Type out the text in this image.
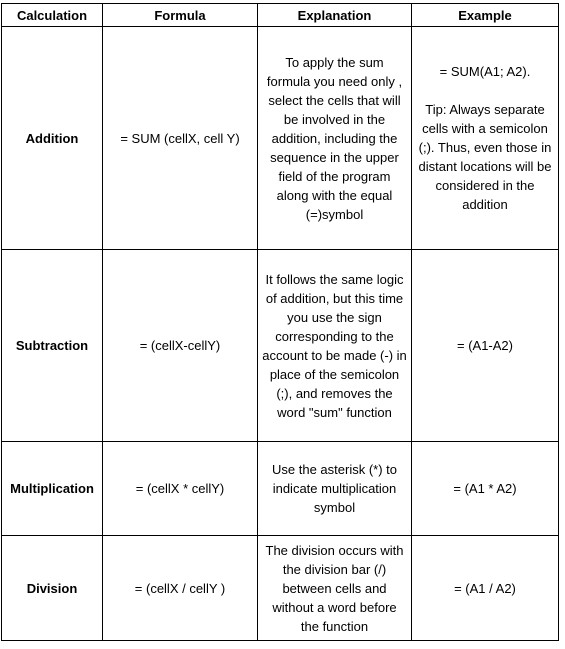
Calculation	Formula	Explanation	Example
Addition	= SUM (cellX, cell Y)	To apply the sum formula you need only , select the cells that will be involved in the addition, including the sequence in the upper field of the program along with the equal (=)symbol	= SUM(A1; A2).
Tip: Always separate cells with a semicolon (;). Thus, even those in distant locations will be considered in the addition

Subtraction	= (cellX-cellY)	It follows the same logic of addition, but this time you use the sign corresponding to the account to be made (-) in place of the semicolon (;), and removes the word "sum" function	= (A1-A2)
Multiplication	= (cellX * cellY)	Use the asterisk (*) to indicate multiplication symbol	= (A1 * A2)
Division	= (cellX / cellY )	The division occurs with the division bar (/) between cells and without a word before the function	= (A1 / A2)
